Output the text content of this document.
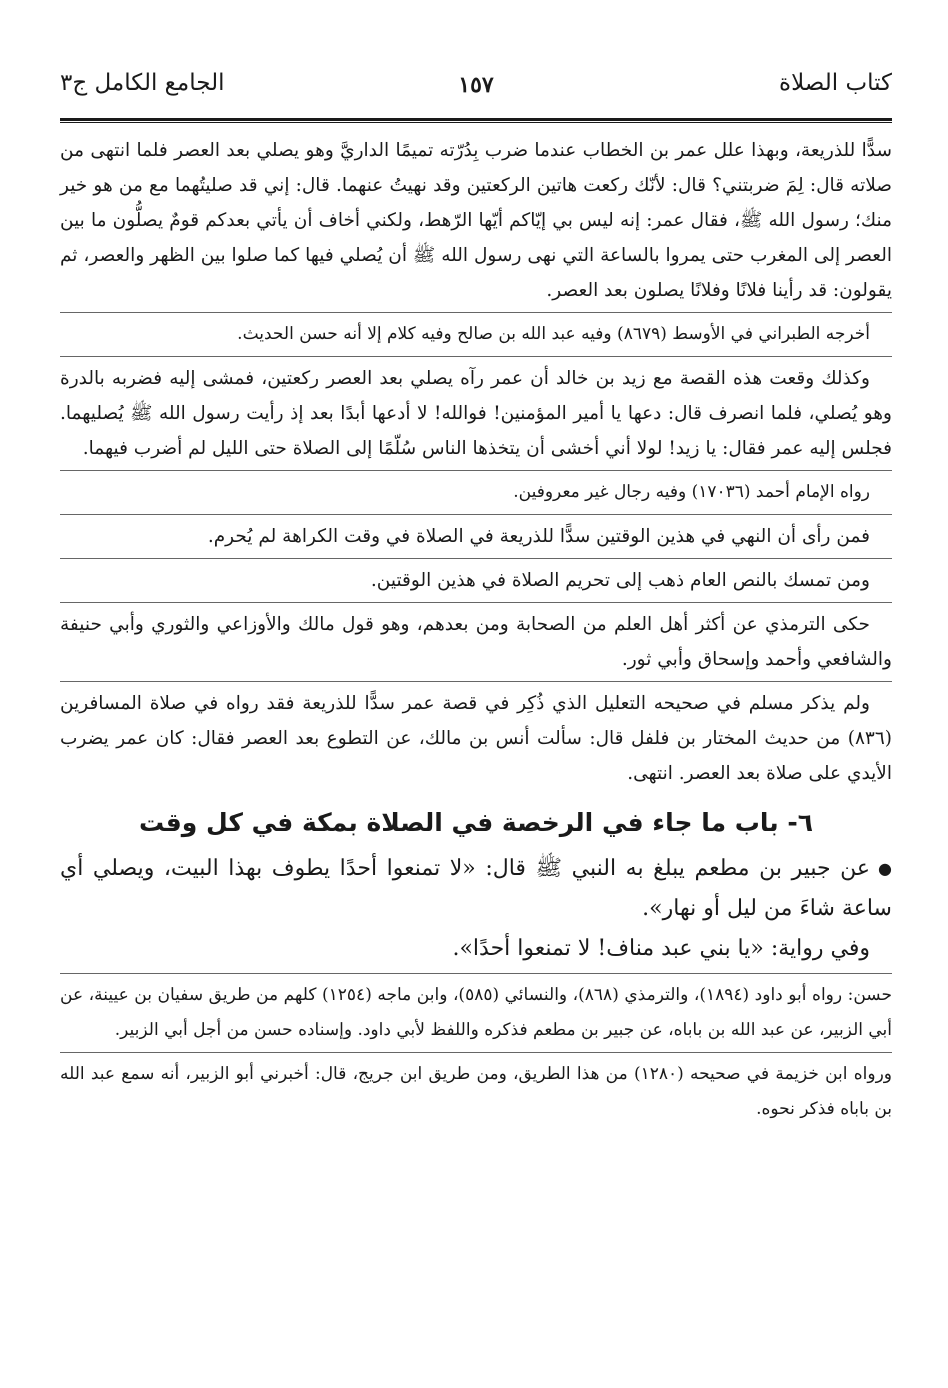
كتاب الصلاة
١٥٧
الجامع الكامل ج٣

سدًّا للذريعة، وبهذا علل عمر بن الخطاب عندما ضرب بِدُرّته تميمًا الداريَّ وهو يصلي بعد العصر فلما انتهى من صلاته قال: لِمَ ضربتني؟ قال: لأنّك ركعت هاتين الركعتين وقد نهيتُ عنهما. قال: إني قد صليتُهما مع من هو خير منك؛ رسول الله ﷺ، فقال عمر: إنه ليس بي إيّاكم أيّها الرّهط، ولكني أخاف أن يأتي بعدكم قومٌ يصلُّون ما بين العصر إلى المغرب حتى يمروا بالساعة التي نهى رسول الله ﷺ أن يُصلي فيها كما صلوا بين الظهر والعصر، ثم يقولون: قد رأينا فلانًا وفلانًا يصلون بعد العصر.

أخرجه الطبراني في الأوسط (٨٦٧٩) وفيه عبد الله بن صالح وفيه كلام إلا أنه حسن الحديث.

وكذلك وقعت هذه القصة مع زيد بن خالد أن عمر رآه يصلي بعد العصر ركعتين، فمشى إليه فضربه بالدرة وهو يُصلي، فلما انصرف قال: دعها يا أمير المؤمنين! فوالله! لا أدعها أبدًا بعد إذ رأيت رسول الله ﷺ يُصليهما. فجلس إليه عمر فقال: يا زيد! لولا أني أخشى أن يتخذها الناس سُلّمًا إلى الصلاة حتى الليل لم أضرب فيهما.

رواه الإمام أحمد (١٧٠٣٦) وفيه رجال غير معروفين.

فمن رأى أن النهي في هذين الوقتين سدًّا للذريعة في الصلاة في وقت الكراهة لم يُحرم.

ومن تمسك بالنص العام ذهب إلى تحريم الصلاة في هذين الوقتين.

حكى الترمذي عن أكثر أهل العلم من الصحابة ومن بعدهم، وهو قول مالك والأوزاعي والثوري وأبي حنيفة والشافعي وأحمد وإسحاق وأبي ثور.

ولم يذكر مسلم في صحيحه التعليل الذي ذُكِر في قصة عمر سدًّا للذريعة فقد رواه في صلاة المسافرين (٨٣٦) من حديث المختار بن فلفل قال: سألت أنس بن مالك، عن التطوع بعد العصر فقال: كان عمر يضرب الأيدي على صلاة بعد العصر. انتهى.

٦- باب ما جاء في الرخصة في الصلاة بمكة في كل وقت

●عن جبير بن مطعم يبلغ به النبي ﷺ قال: «لا تمنعوا أحدًا يطوف بهذا البيت، ويصلي أي ساعة شاءَ من ليل أو نهار».

وفي رواية: «يا بني عبد مناف! لا تمنعوا أحدًا».

حسن: رواه أبو داود (١٨٩٤)، والترمذي (٨٦٨)، والنسائي (٥٨٥)، وابن ماجه (١٢٥٤) كلهم من طريق سفيان بن عيينة، عن أبي الزبير، عن عبد الله بن باباه، عن جبير بن مطعم فذكره واللفظ لأبي داود. وإسناده حسن من أجل أبي الزبير.

ورواه ابن خزيمة في صحيحه (١٢٨٠) من هذا الطريق، ومن طريق ابن جريج، قال: أخبرني أبو الزبير، أنه سمع عبد الله بن باباه فذكر نحوه.
